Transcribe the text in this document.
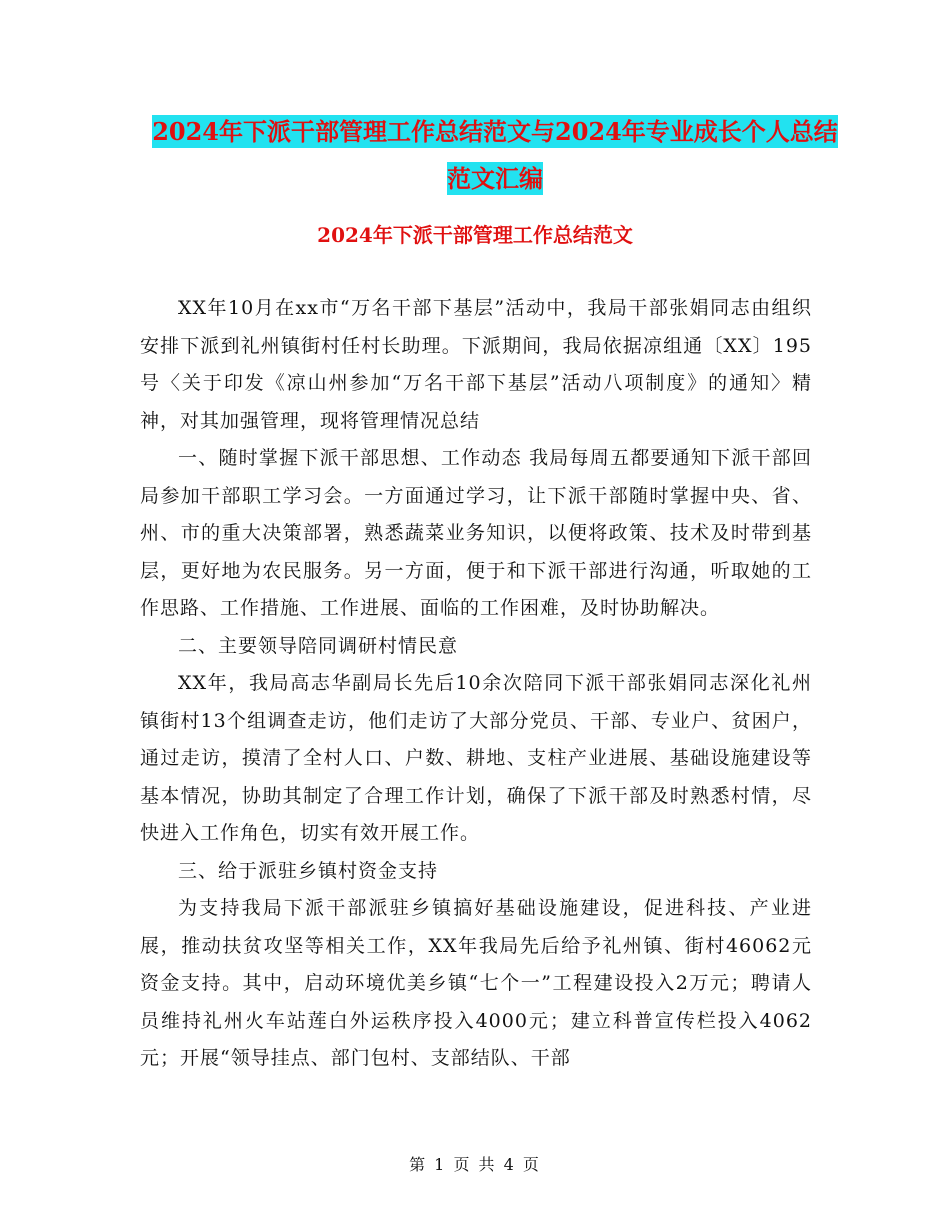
2024年下派干部管理工作总结范文与2024年专业成长个人总结范文汇编
2024年下派干部管理工作总结范文

XX年10月在xx市“万名干部下基层”活动中，我局干部张娟同志由组织安排下派到礼州镇街村任村长助理。下派期间，我局依据凉组通〔XX〕195号〈关于印发《凉山州参加“万名干部下基层”活动八项制度》的通知〉精神，对其加强管理，现将管理情况总结

一、随时掌握下派干部思想、工作动态 我局每周五都要通知下派干部回局参加干部职工学习会。一方面通过学习，让下派干部随时掌握中央、省、州、市的重大决策部署，熟悉蔬菜业务知识，以便将政策、技术及时带到基层，更好地为农民服务。另一方面，便于和下派干部进行沟通，听取她的工作思路、工作措施、工作进展、面临的工作困难，及时协助解决。

二、主要领导陪同调研村情民意

XX年，我局高志华副局长先后10余次陪同下派干部张娟同志深化礼州镇街村13个组调查走访，他们走访了大部分党员、干部、专业户、贫困户，通过走访，摸清了全村人口、户数、耕地、支柱产业进展、基础设施建设等基本情况，协助其制定了合理工作计划，确保了下派干部及时熟悉村情，尽快进入工作角色，切实有效开展工作。

三、给于派驻乡镇村资金支持

为支持我局下派干部派驻乡镇搞好基础设施建设，促进科技、产业进展，推动扶贫攻坚等相关工作，XX年我局先后给予礼州镇、街村46062元资金支持。其中，启动环境优美乡镇“七个一”工程建设投入2万元；聘请人员维持礼州火车站莲白外运秩序投入4000元；建立科普宣传栏投入4062元；开展“领导挂点、部门包村、支部结队、干部

第 1 页 共 4 页
